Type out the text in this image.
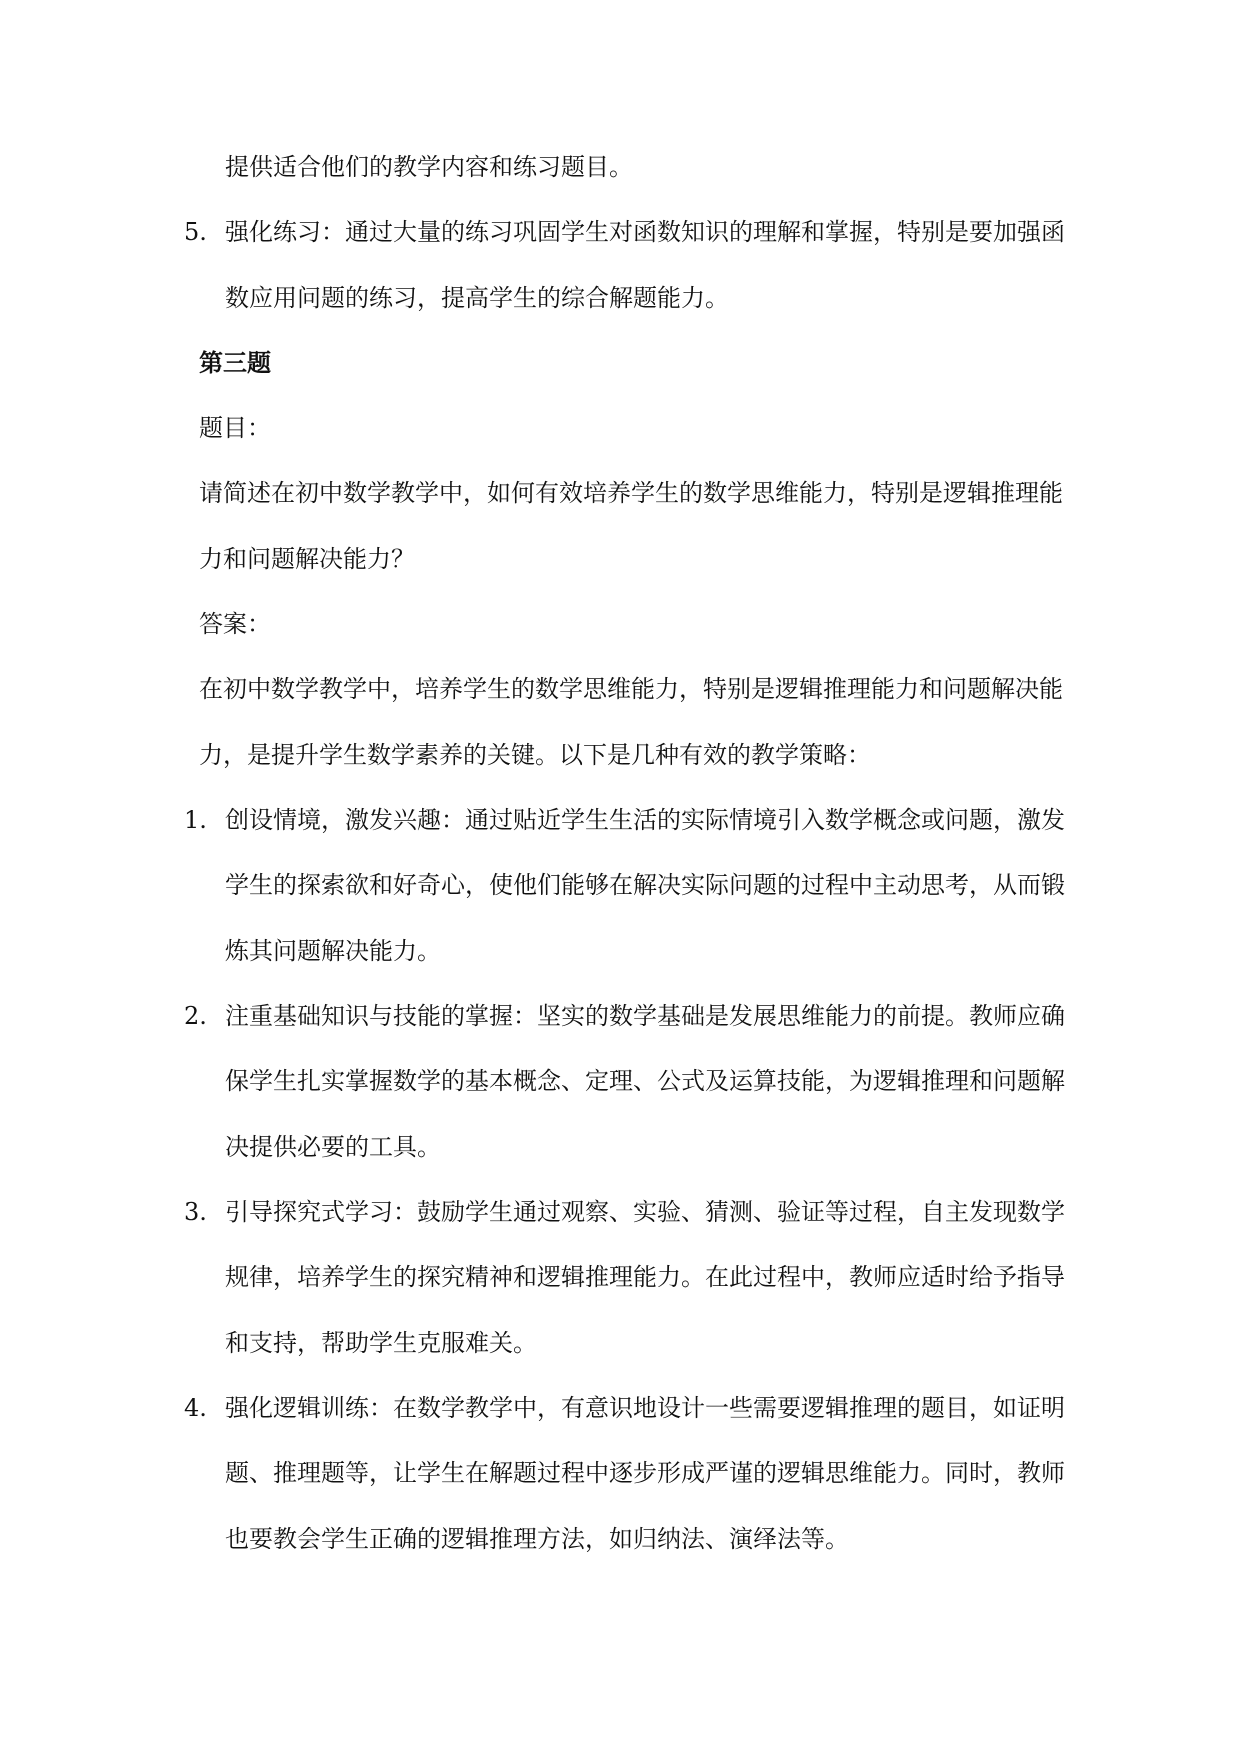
提供适合他们的教学内容和练习题目。
5. 强化练习：通过大量的练习巩固学生对函数知识的理解和掌握，特别是要加强函
数应用问题的练习，提高学生的综合解题能力。
第三题
题目：
请简述在初中数学教学中，如何有效培养学生的数学思维能力，特别是逻辑推理能
力和问题解决能力？
答案：
在初中数学教学中，培养学生的数学思维能力，特别是逻辑推理能力和问题解决能
力，是提升学生数学素养的关键。以下是几种有效的教学策略：
1. 创设情境，激发兴趣：通过贴近学生生活的实际情境引入数学概念或问题，激发
学生的探索欲和好奇心，使他们能够在解决实际问题的过程中主动思考，从而锻
炼其问题解决能力。
2. 注重基础知识与技能的掌握：坚实的数学基础是发展思维能力的前提。教师应确
保学生扎实掌握数学的基本概念、定理、公式及运算技能，为逻辑推理和问题解
决提供必要的工具。
3. 引导探究式学习：鼓励学生通过观察、实验、猜测、验证等过程，自主发现数学
规律，培养学生的探究精神和逻辑推理能力。在此过程中，教师应适时给予指导
和支持，帮助学生克服难关。
4. 强化逻辑训练：在数学教学中，有意识地设计一些需要逻辑推理的题目，如证明
题、推理题等，让学生在解题过程中逐步形成严谨的逻辑思维能力。同时，教师
也要教会学生正确的逻辑推理方法，如归纳法、演绎法等。
